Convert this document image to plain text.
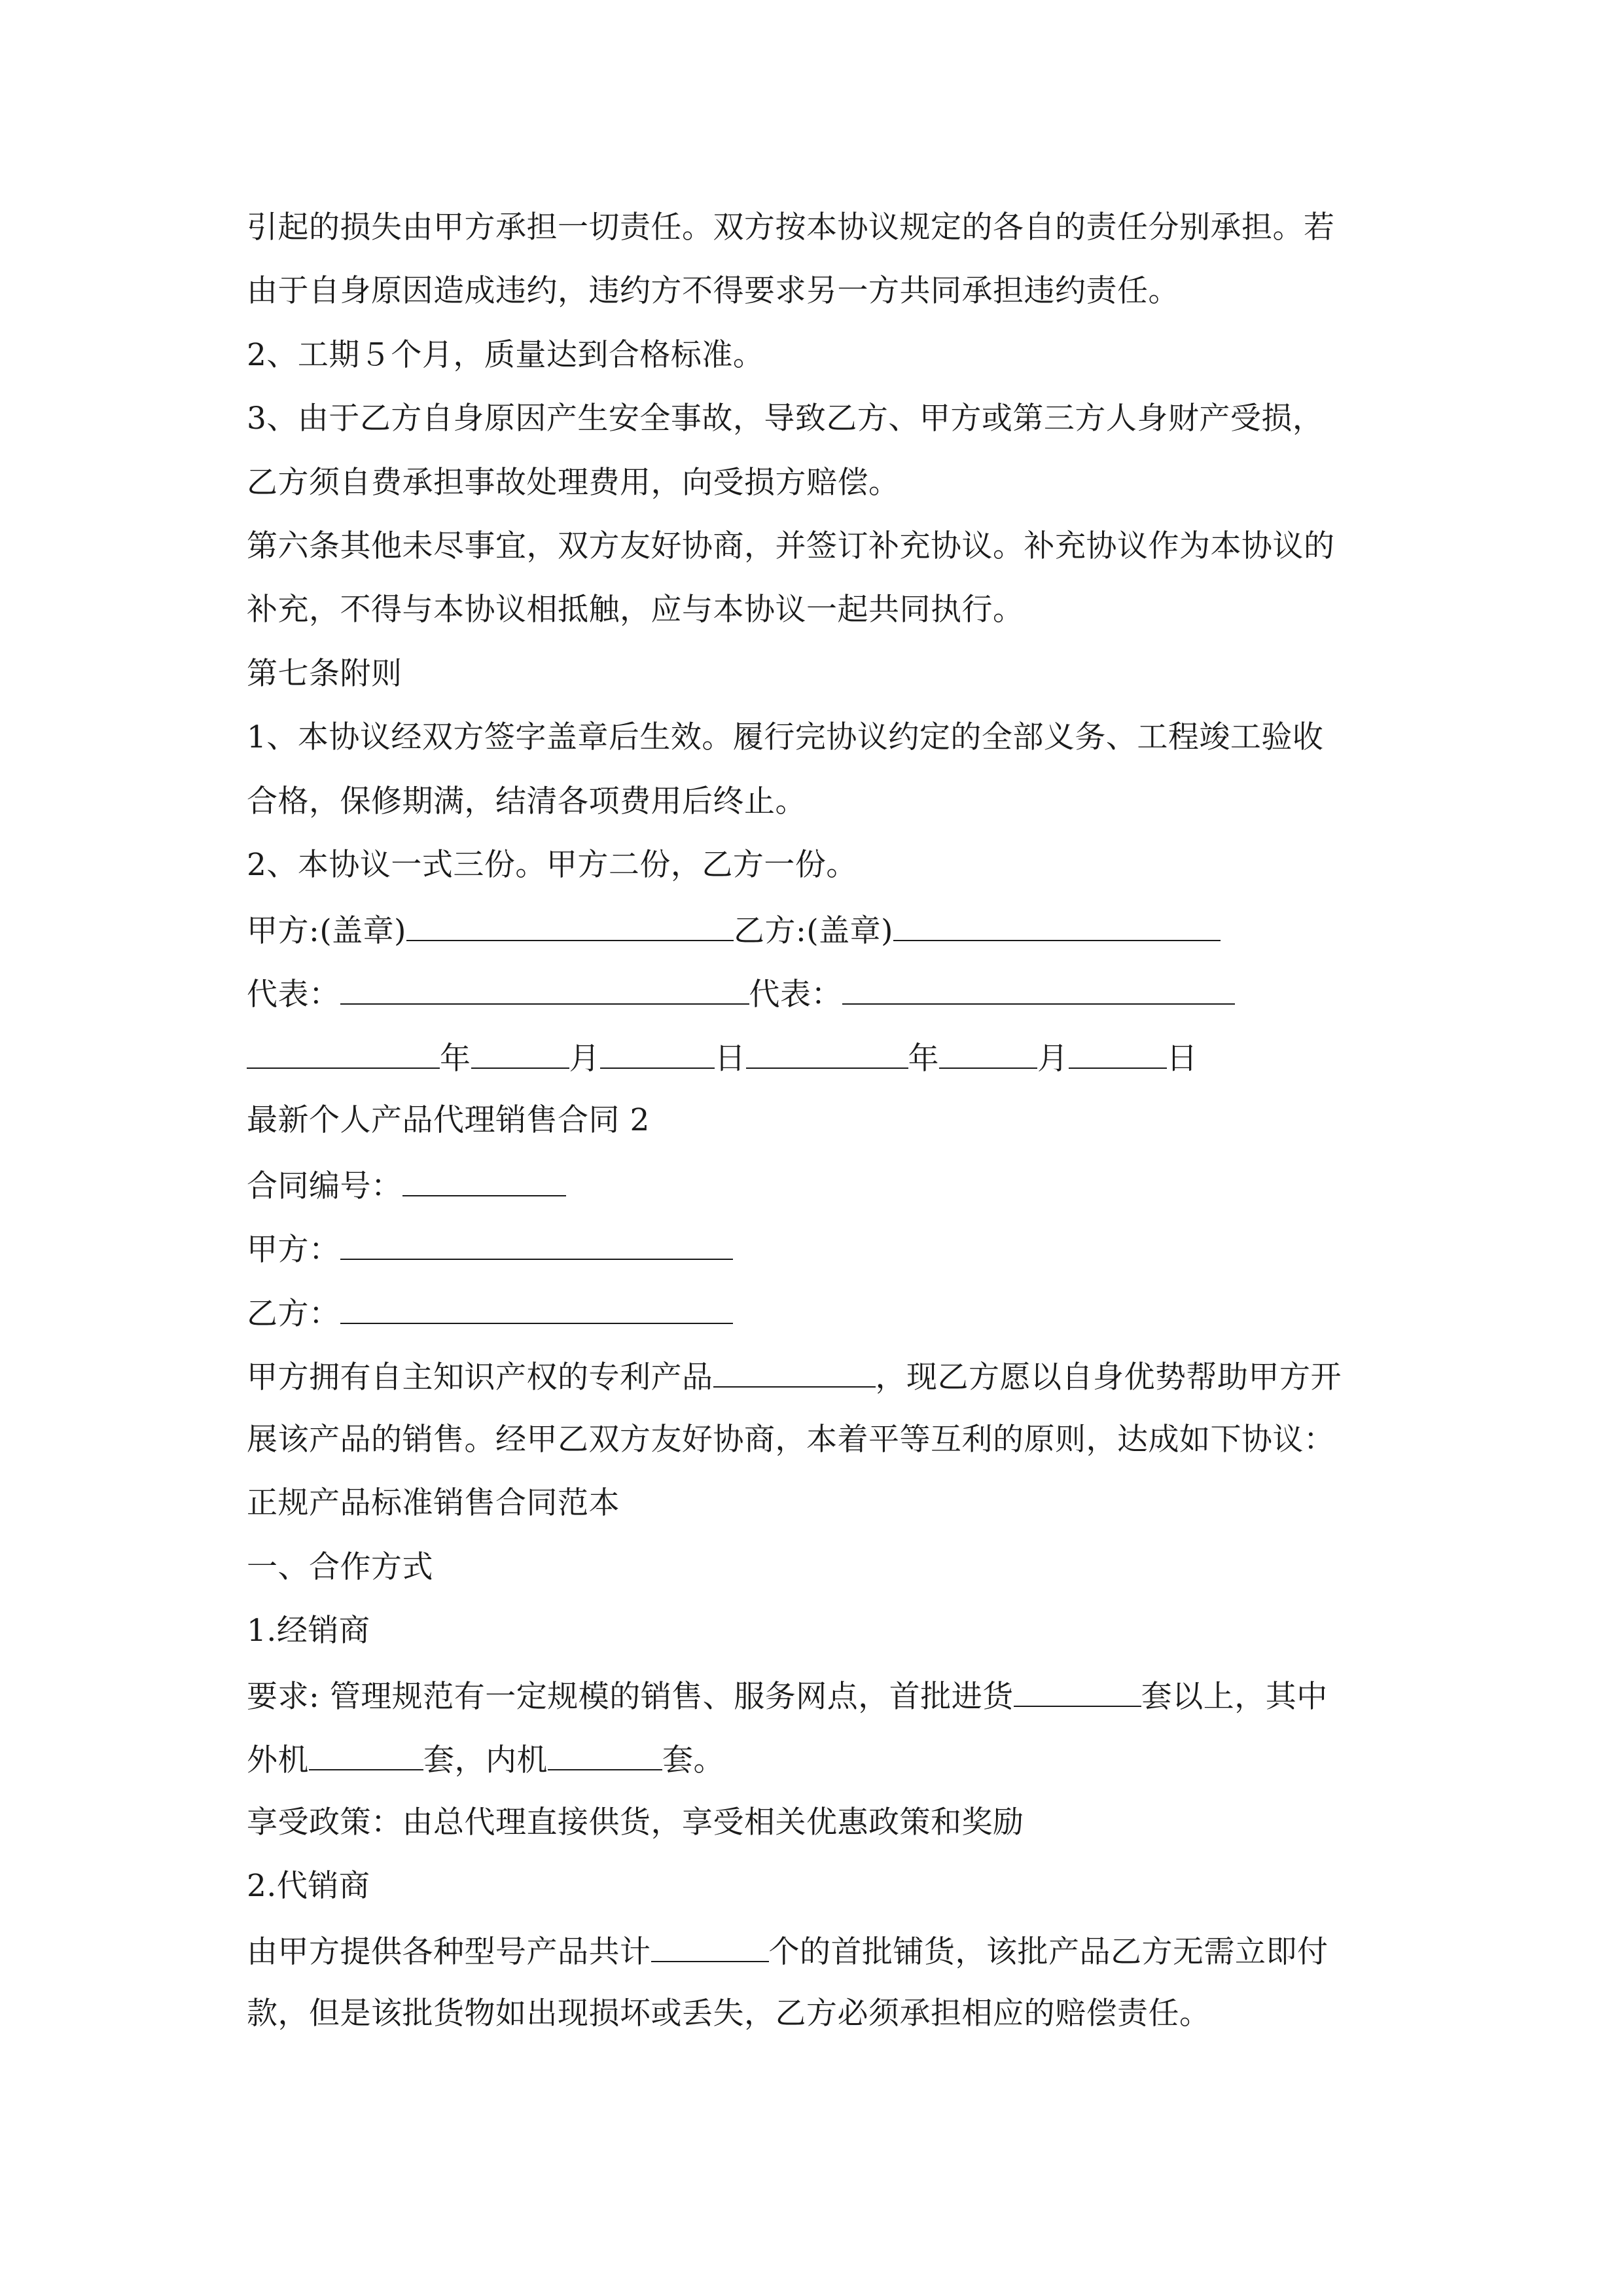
引起的损失由甲方承担一切责任。双方按本协议规定的各自的责任分别承担。若
由于自身原因造成违约，违约方不得要求另一方共同承担违约责任。
2、工期５个月，质量达到合格标准。
3、由于乙方自身原因产生安全事故，导致乙方、甲方或第三方人身财产受损，
乙方须自费承担事故处理费用，向受损方赔偿。
第六条其他未尽事宜，双方友好协商，并签订补充协议。补充协议作为本协议的
补充，不得与本协议相抵触，应与本协议一起共同执行。
第七条附则
1、本协议经双方签字盖章后生效。履行完协议约定的全部义务、工程竣工验收
合格，保修期满，结清各项费用后终止。
2、本协议一式三份。甲方二份，乙方一份。
甲方:(盖章)	乙方:(盖章)
代表：	代表：
年	月	日	年	月	日
最新个人产品代理销售合同 2
合同编号：
甲方：
乙方：
甲方拥有自主知识产权的专利产品	，现乙方愿以自身优势帮助甲方开
展该产品的销售。经甲乙双方友好协商，本着平等互利的原则，达成如下协议：
正规产品标准销售合同范本
一、合作方式
1.经销商
要求: 管理规范有一定规模的销售、服务网点，首批进货	套以上，其中
外机	套，内机	套。
享受政策：由总代理直接供货，享受相关优惠政策和奖励
2.代销商
由甲方提供各种型号产品共计	个的首批铺货，该批产品乙方无需立即付
款，但是该批货物如出现损坏或丢失，乙方必须承担相应的赔偿责任。
